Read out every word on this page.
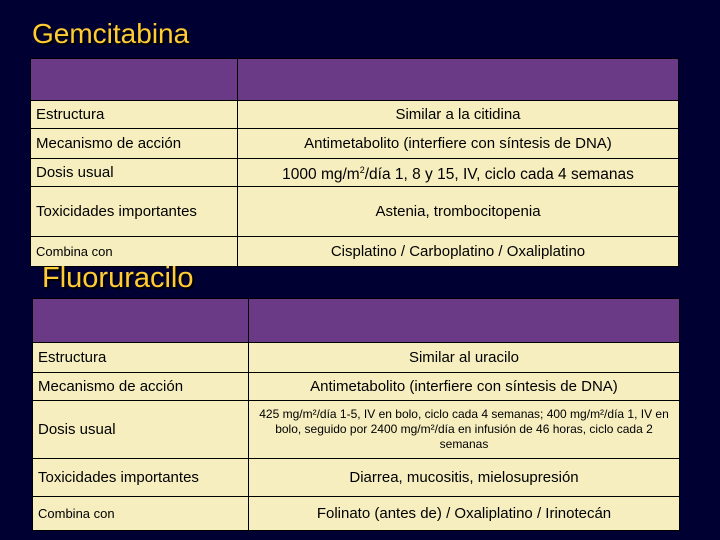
Gemcitabina

Estructura	Similar a la citidina
Mecanismo de acción	Antimetabolito (interfiere con síntesis de DNA)
Dosis usual	1000 $mg/m^2$/día 1, 8 y 15, IV, ciclo cada 4 semanas
Toxicidades importantes	Astenia, trombocitopenia
Combina con	Cisplatino / Carboplatino / Oxaliplatino
Fluoruracilo

Estructura	Similar al uracilo
Mecanismo de acción	Antimetabolito (interfiere con síntesis de DNA)
Dosis usual	425 mg/m²/día 1-5, IV en bolo, ciclo cada 4 semanas; 400 mg/m²/día 1, IV en bolo, seguido por 2400 mg/m²/día en infusión de 46 horas, ciclo cada 2 semanas
Toxicidades importantes	Diarrea, mucositis, mielosupresión
Combina con	Folinato (antes de) / Oxaliplatino / Irinotecán
